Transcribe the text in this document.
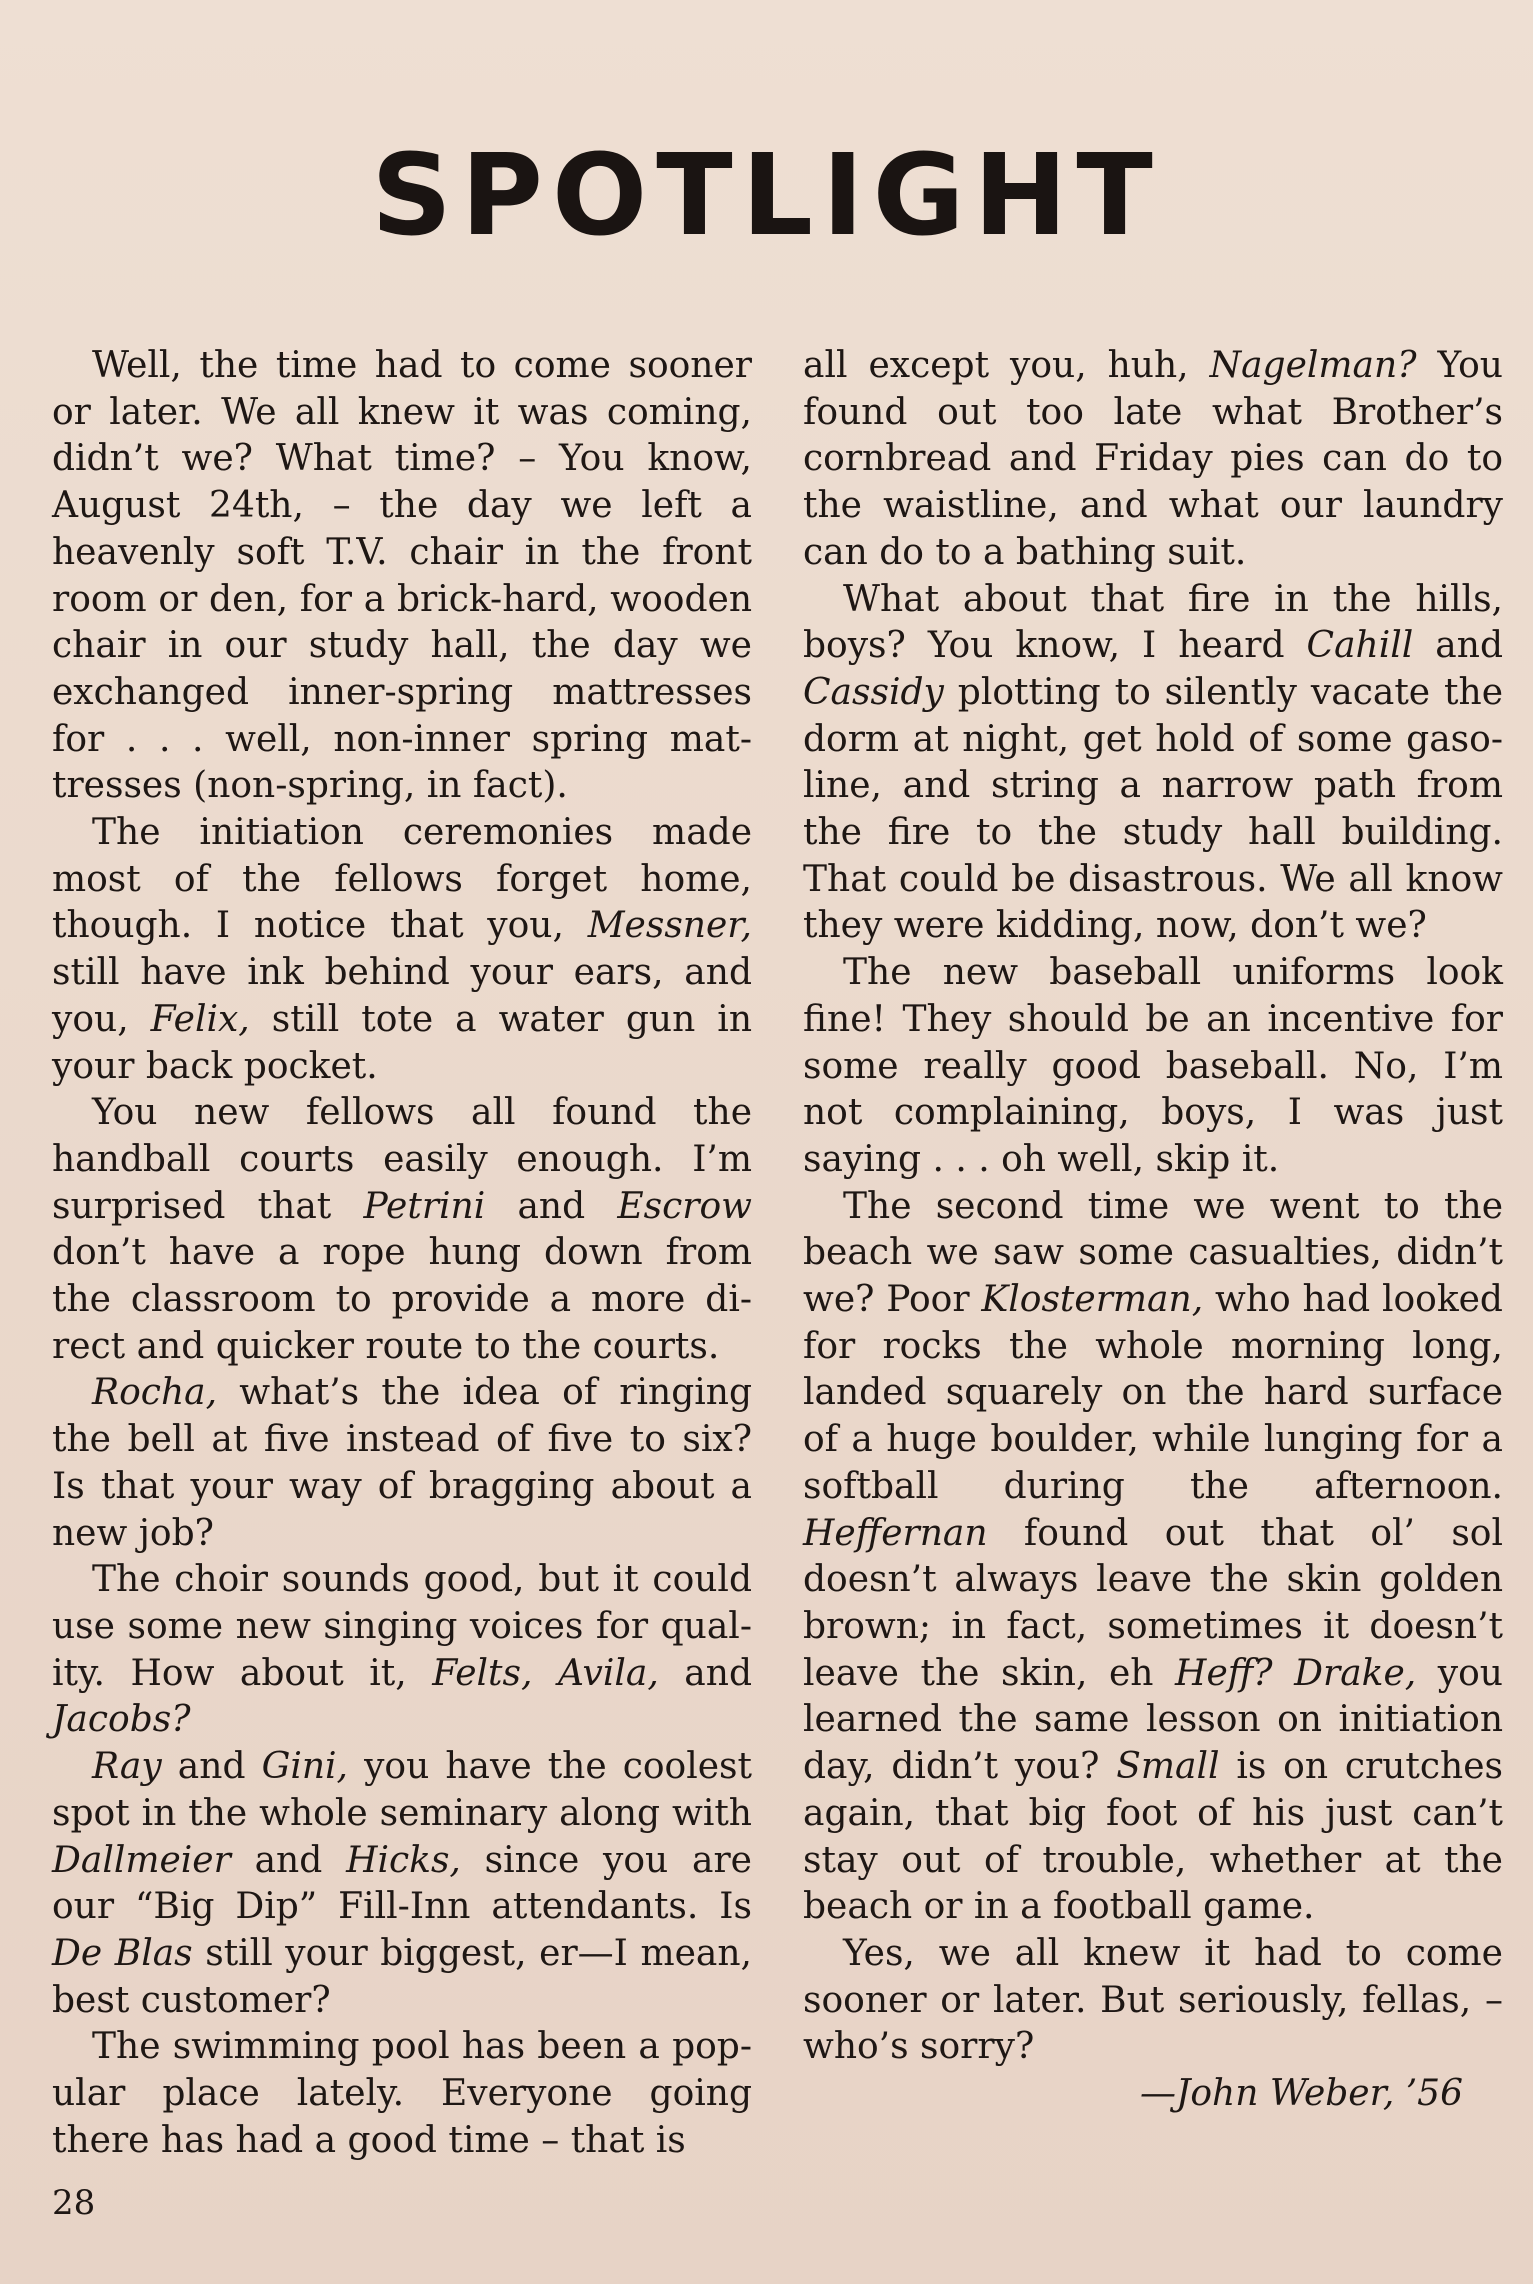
SPOTLIGHT

Well, the time had to come sooner or later. We all knew it was coming, didn’t we? What time? – You know, August 24th, – the day we left a heavenly soft T.V. chair in the front room or den, for a brick-hard, wooden chair in our study hall, the day we exchanged inner-spring mattresses for . . . well, non-inner spring mattresses (non-spring, in fact).

The initiation ceremonies made most of the fellows forget home, though. I notice that you, Messner, still have ink behind your ears, and you, Felix, still tote a water gun in your back pocket.

You new fellows all found the handball courts easily enough. I’m surprised that Petrini and Escrow don’t have a rope hung down from the classroom to provide a more direct and quicker route to the courts.

Rocha, what’s the idea of ringing the bell at five instead of five to six? Is that your way of bragging about a new job?

The choir sounds good, but it could use some new singing voices for quality. How about it, Felts, Avila, and Jacobs?

Ray and Gini, you have the coolest spot in the whole seminary along with Dallmeier and Hicks, since you are our “Big Dip” Fill-Inn attendants. Is De Blas still your biggest, er—I mean, best customer?

The swimming pool has been a popular place lately. Everyone going there has had a good time – that is

all except you, huh, Nagelman? You found out too late what Brother’s cornbread and Friday pies can do to the waistline, and what our laundry can do to a bathing suit.

What about that fire in the hills, boys? You know, I heard Cahill and Cassidy plotting to silently vacate the dorm at night, get hold of some gasoline, and string a narrow path from the fire to the study hall building. That could be disastrous. We all know they were kidding, now, don’t we?

The new baseball uniforms look fine! They should be an incentive for some really good baseball. No, I’m not complaining, boys, I was just saying . . . oh well, skip it.

The second time we went to the beach we saw some casualties, didn’t we? Poor Klosterman, who had looked for rocks the whole morning long, landed squarely on the hard surface of a huge boulder, while lunging for a softball during the afternoon. Heffernan found out that ol’ sol doesn’t always leave the skin golden brown; in fact, sometimes it doesn’t leave the skin, eh Heff? Drake, you learned the same lesson on initiation day, didn’t you? Small is on crutches again, that big foot of his just can’t stay out of trouble, whether at the beach or in a football game.

Yes, we all knew it had to come sooner or later. But seriously, fellas, – who’s sorry?

—John Weber, ’56

28
